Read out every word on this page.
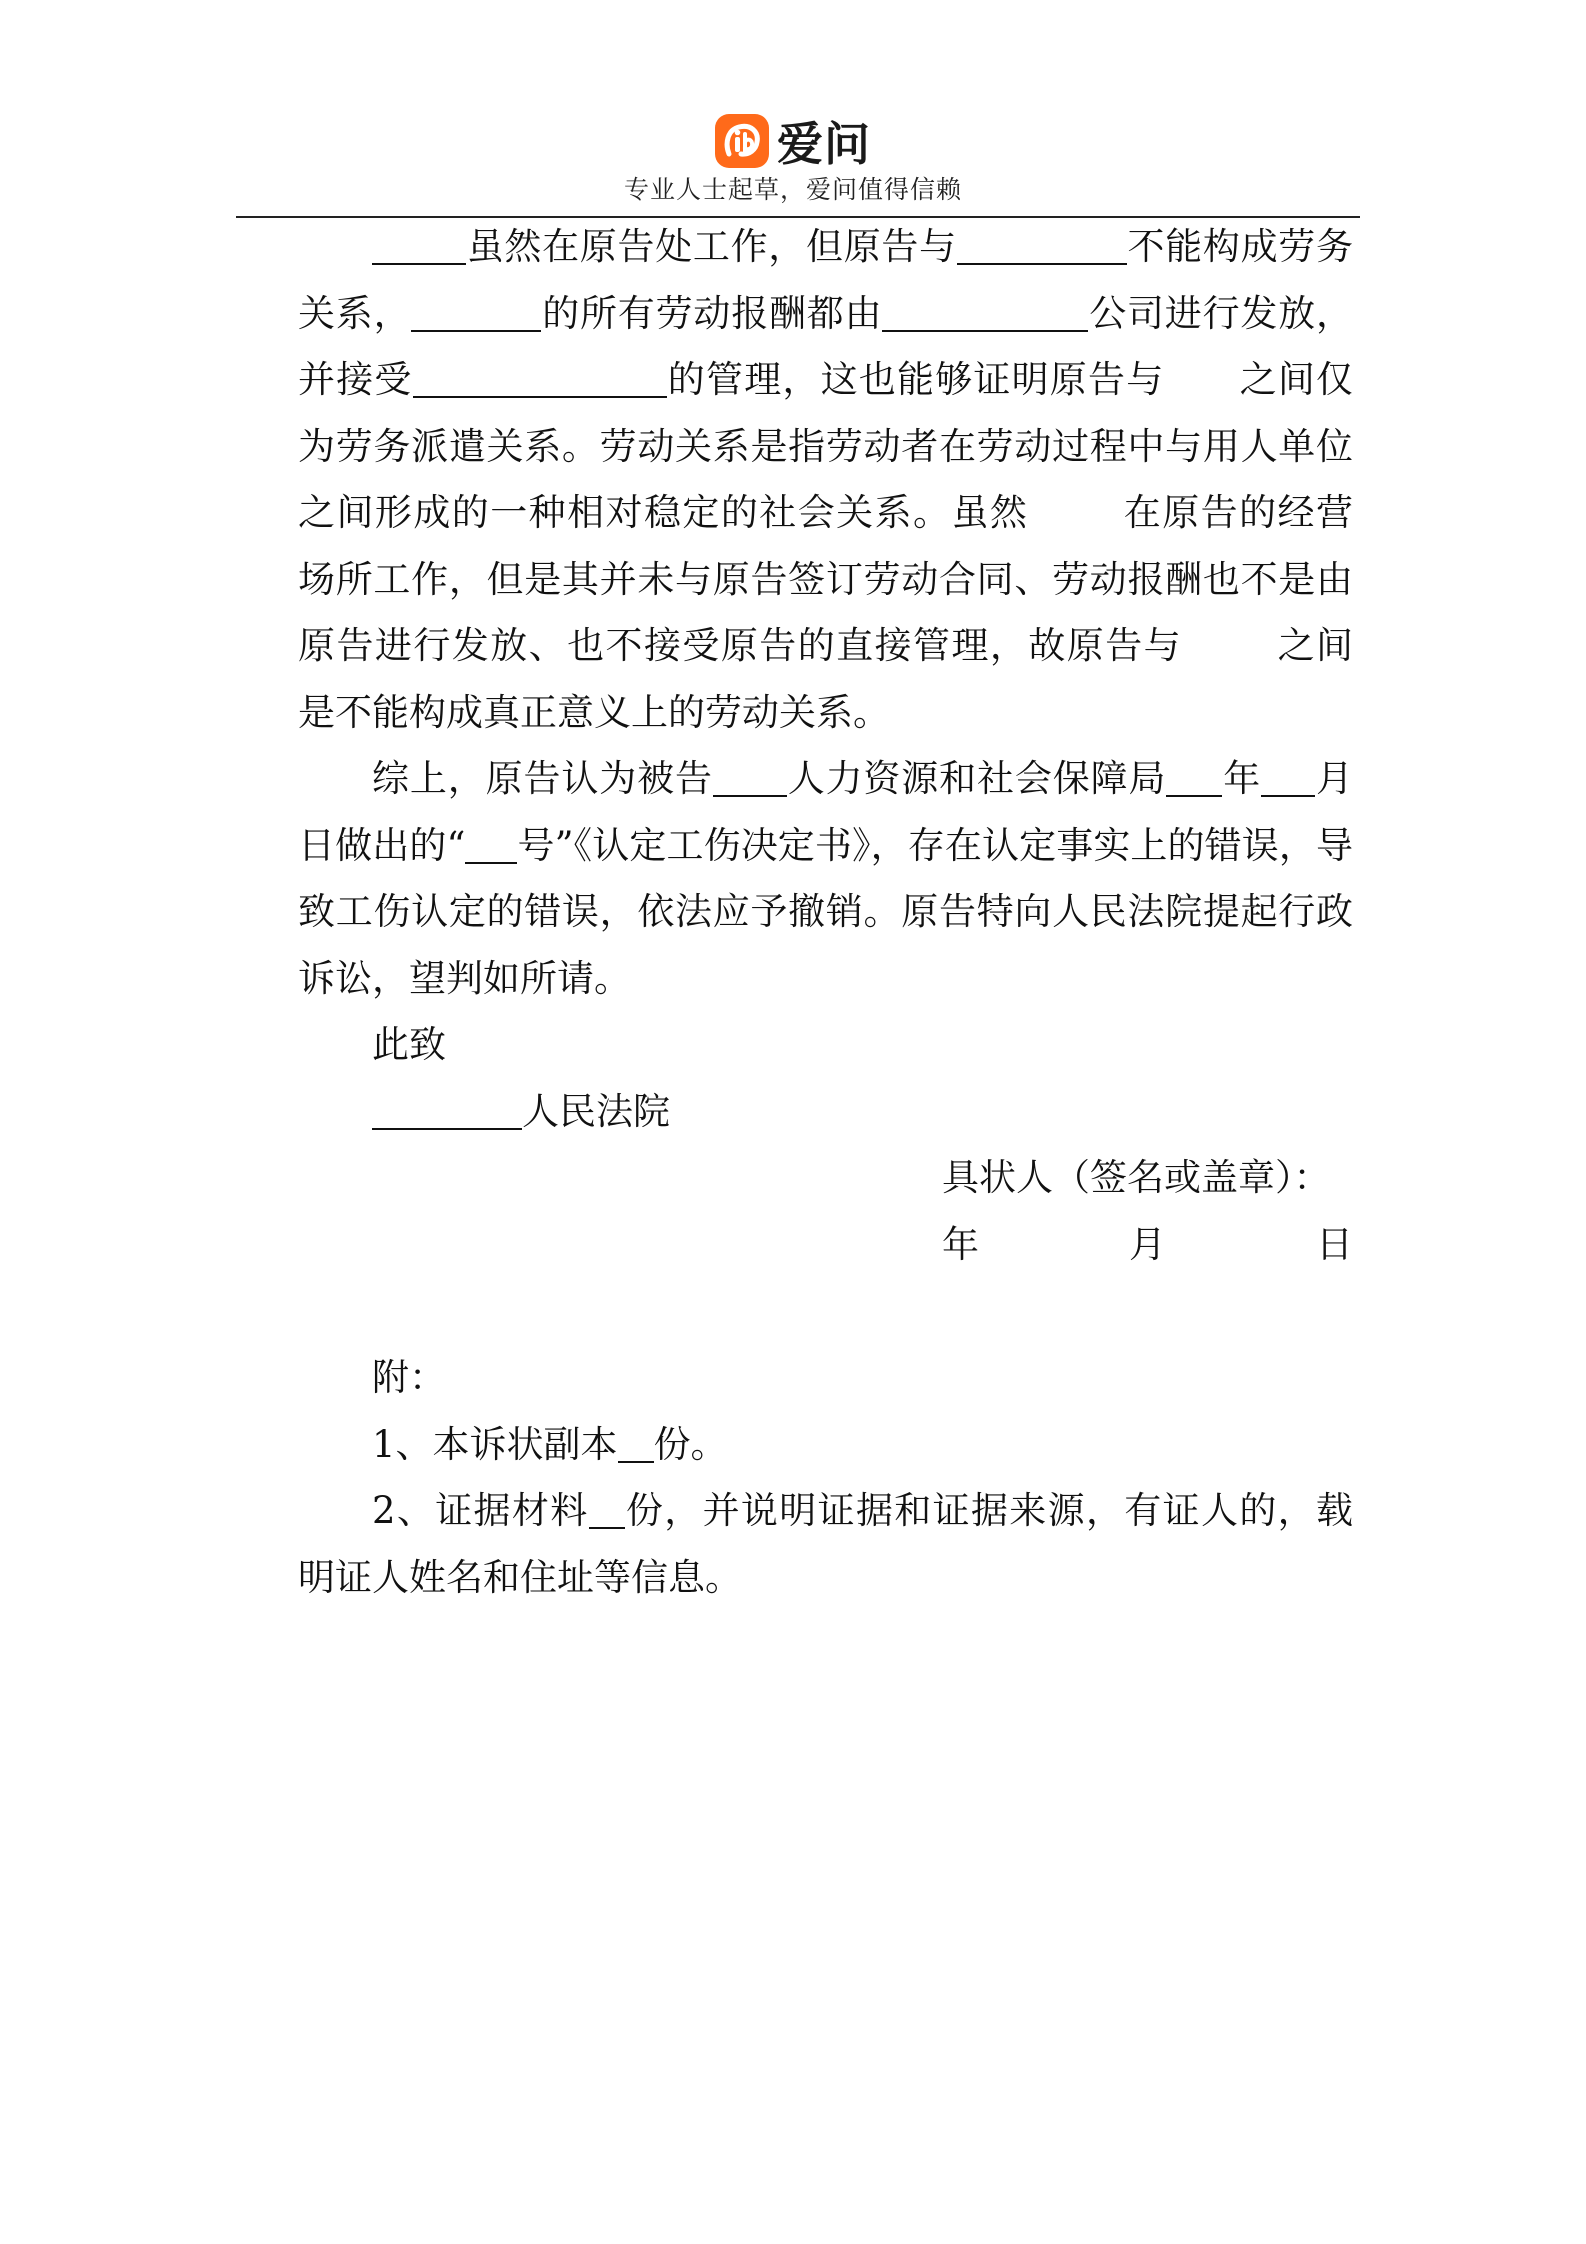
爱问
专业人士起草，爱问值得信赖

虽然在原告处工作，但原告与	不能构成劳务关系，	的所有劳动报酬都由	公司进行发放，并接受	的管理，这也能够证明原告与 之间仅为劳务派遣关系。劳动关系是指劳动者在劳动过程中与用人单位之间形成的一种相对稳定的社会关系。虽然	在原告的经营场所工作，但是其并未与原告签订劳动合同、劳动报酬也不是由原告进行发放、也不接受原告的直接管理，故原告与	之间是不能构成真正意义上的劳动关系。

综上，原告认为被告 人力资源和社会保障局 年 月日做出的“ 号”《认定工伤决定书》，存在认定事实上的错误，导致工伤认定的错误，依法应予撤销。原告特向人民法院提起行政诉讼，望判如所请。

此致

人民法院

具状人（签名或盖章）：

年	月	日

附：

1、本诉状副本 份。

2、证据材料 份，并说明证据和证据来源，有证人的，载明证人姓名和住址等信息。
